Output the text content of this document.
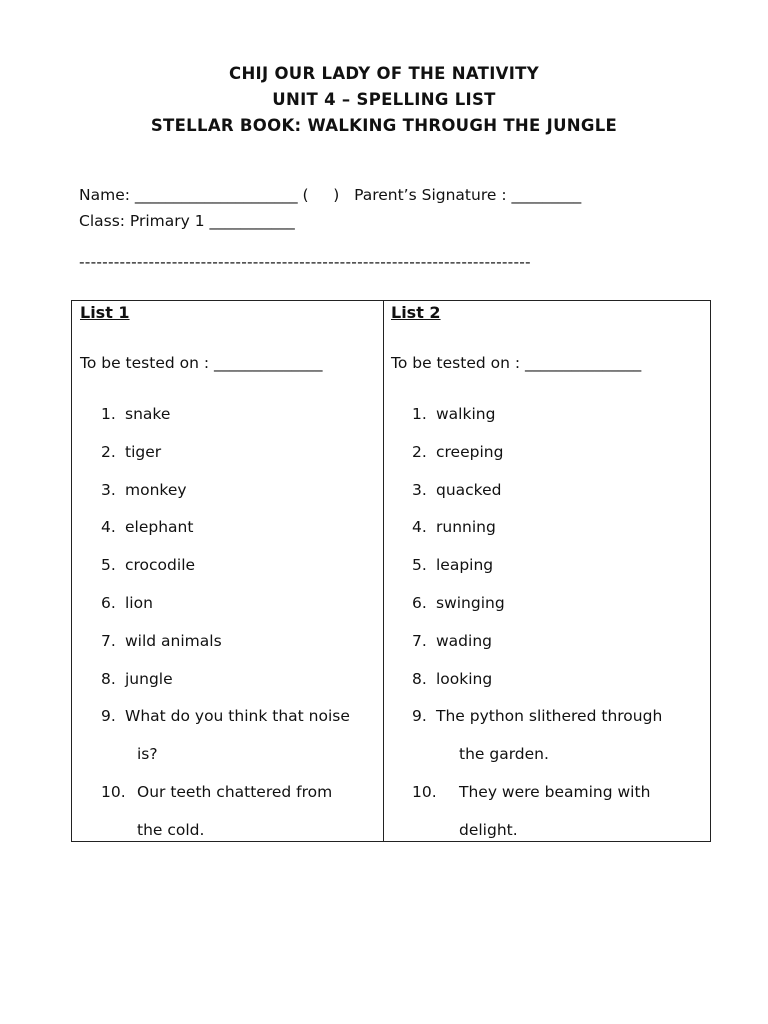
CHIJ OUR LADY OF THE NATIVITY
UNIT 4 – SPELLING LIST
STELLAR BOOK: WALKING THROUGH THE JUNGLE
Name: _____________________ (     )   Parent’s Signature : _________
Class: Primary 1 ___________
------------------------------------------------------------------------------
List 1
To be tested on : ______________
1. snake
2. tiger
3. monkey
4. elephant
5. crocodile
6. lion
7. wild animals
8. jungle
9. What do you think that noise
is?
10. Our teeth chattered from
the cold.
List 2
To be tested on : _______________
1. walking
2. creeping
3. quacked
4. running
5. leaping
6. swinging
7. wading
8. looking
9. The python slithered through
the garden.
10. They were beaming with
delight.
